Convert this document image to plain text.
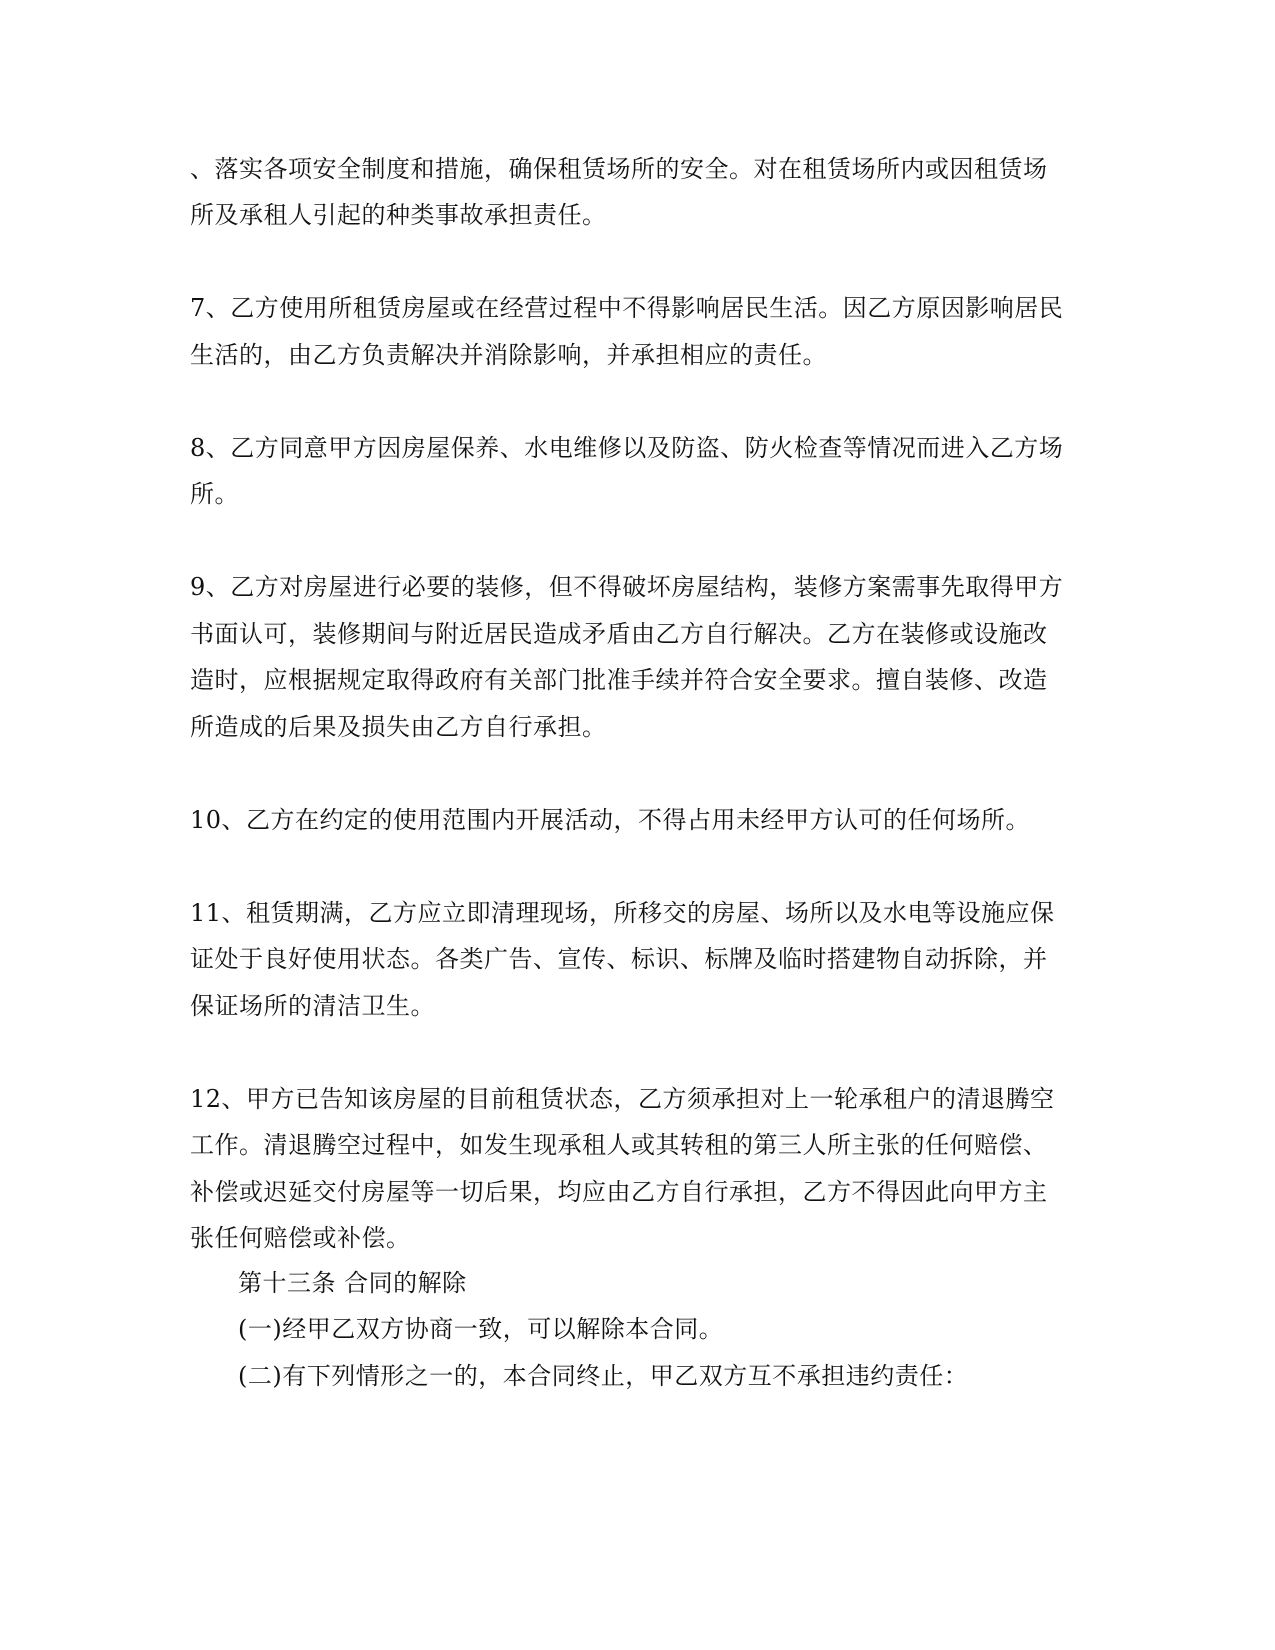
、落实各项安全制度和措施，确保租赁场所的安全。对在租赁场所内或因租赁场
所及承租人引起的种类事故承担责任。
7、乙方使用所租赁房屋或在经营过程中不得影响居民生活。因乙方原因影响居民
生活的，由乙方负责解决并消除影响，并承担相应的责任。
8、乙方同意甲方因房屋保养、水电维修以及防盗、防火检查等情况而进入乙方场
所。
9、乙方对房屋进行必要的装修，但不得破坏房屋结构，装修方案需事先取得甲方
书面认可，装修期间与附近居民造成矛盾由乙方自行解决。乙方在装修或设施改
造时，应根据规定取得政府有关部门批准手续并符合安全要求。擅自装修、改造
所造成的后果及损失由乙方自行承担。
10、乙方在约定的使用范围内开展活动，不得占用未经甲方认可的任何场所。
11、租赁期满，乙方应立即清理现场，所移交的房屋、场所以及水电等设施应保
证处于良好使用状态。各类广告、宣传、标识、标牌及临时搭建物自动拆除，并
保证场所的清洁卫生。
12、甲方已告知该房屋的目前租赁状态，乙方须承担对上一轮承租户的清退腾空
工作。清退腾空过程中，如发生现承租人或其转租的第三人所主张的任何赔偿、
补偿或迟延交付房屋等一切后果，均应由乙方自行承担，乙方不得因此向甲方主
张任何赔偿或补偿。
第十三条 合同的解除
(一)经甲乙双方协商一致，可以解除本合同。
(二)有下列情形之一的，本合同终止，甲乙双方互不承担违约责任：
